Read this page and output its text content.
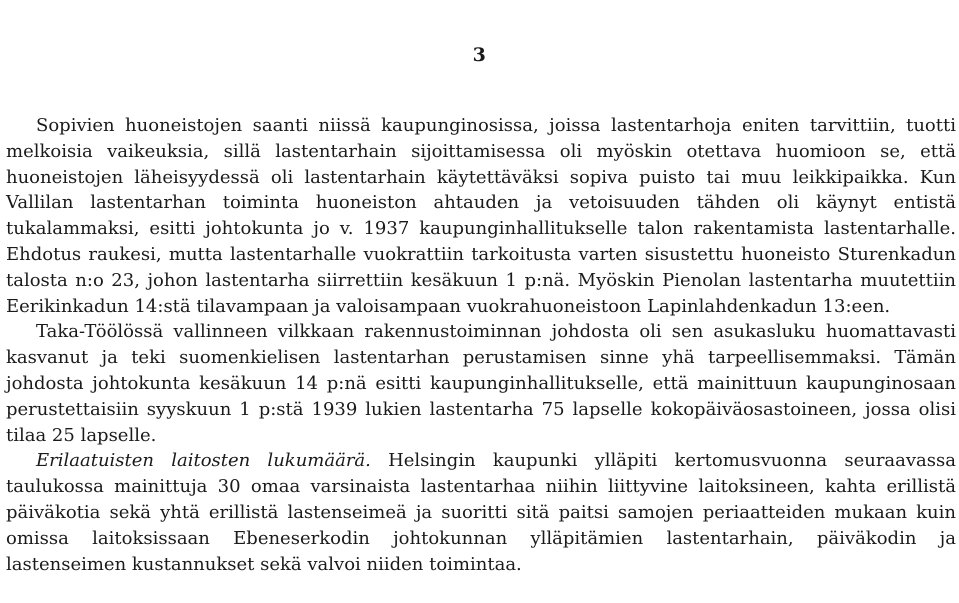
3

Sopivien huoneistojen saanti niissä kaupunginosissa, joissa lastentarhoja eniten tarvittiin, tuotti melkoisia vaikeuksia, sillä lastentarhain sijoittamisessa oli myöskin otettava huomioon se, että huoneistojen läheisyydessä oli lastentarhain käytettäväksi sopiva puisto tai muu leikkipaikka. Kun Vallilan lastentarhan toiminta huoneiston ahtauden ja vetoisuuden tähden oli käynyt entistä tukalammaksi, esitti johtokunta jo v. 1937 kaupunginhallitukselle talon rakentamista lastentarhalle. Ehdotus raukesi, mutta lastentarhalle vuokrattiin tarkoitusta varten sisustettu huoneisto Sturenkadun talosta n:o 23, johon lastentarha siirrettiin kesäkuun 1 p:nä. Myöskin Pienolan lastentarha muutettiin Eerikinkadun 14:stä tilavampaan ja valoisampaan vuokrahuoneistoon Lapinlahdenkadun 13:een.

Taka-Töölössä vallinneen vilkkaan rakennustoiminnan johdosta oli sen asukasluku huomattavasti kasvanut ja teki suomenkielisen lastentarhan perustamisen sinne yhä tarpeellisemmaksi. Tämän johdosta johtokunta kesäkuun 14 p:nä esitti kaupunginhallitukselle, että mainittuun kaupunginosaan perustettaisiin syyskuun 1 p:stä 1939 lukien lastentarha 75 lapselle kokopäiväosastoineen, jossa olisi tilaa 25 lapselle.

Erilaatuisten laitosten lukumäärä. Helsingin kaupunki ylläpiti kertomusvuonna seuraavassa taulukossa mainittuja 30 omaa varsinaista lastentarhaa niihin liittyvine laitoksineen, kahta erillistä päiväkotia sekä yhtä erillistä lastenseimeä ja suoritti sitä paitsi samojen periaatteiden mukaan kuin omissa laitoksissaan Ebeneserkodin johtokunnan ylläpitämien lastentarhain, päiväkodin ja lastenseimen kustannukset sekä valvoi niiden toimintaa.
